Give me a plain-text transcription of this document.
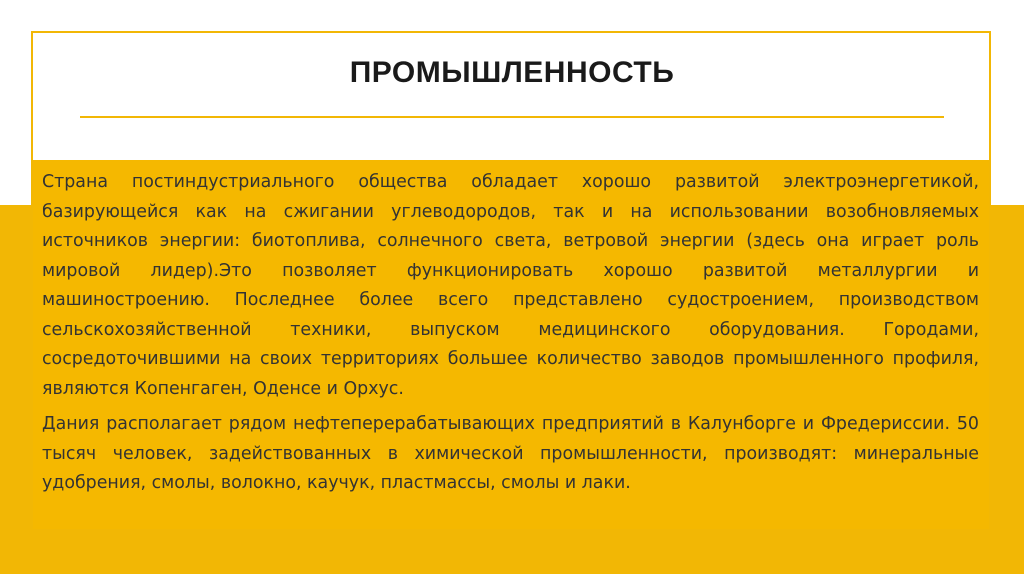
ПРОМЫШЛЕННОСТЬ

Страна постиндустриального общества обладает хорошо развитой электроэнергетикой, базирующейся как на сжигании углеводородов, так и на использовании возобновляемых источников энергии: биотоплива, солнечного света, ветровой энергии (здесь она играет роль мировой лидер).Это позволяет функционировать хорошо развитой металлургии и машиностроению. Последнее более всего представлено судостроением, производством сельскохозяйственной техники, выпуском медицинского оборудования. Городами, сосредоточившими на своих территориях большее количество заводов промышленного профиля, являются Копенгаген, Оденсе и Орхус.

Дания располагает рядом нефтеперерабатывающих предприятий в Калунборге и Фредериссии. 50 тысяч человек, задействованных в химической промышленности, производят: минеральные удобрения, смолы, волокно, каучук, пластмассы, смолы и лаки.
